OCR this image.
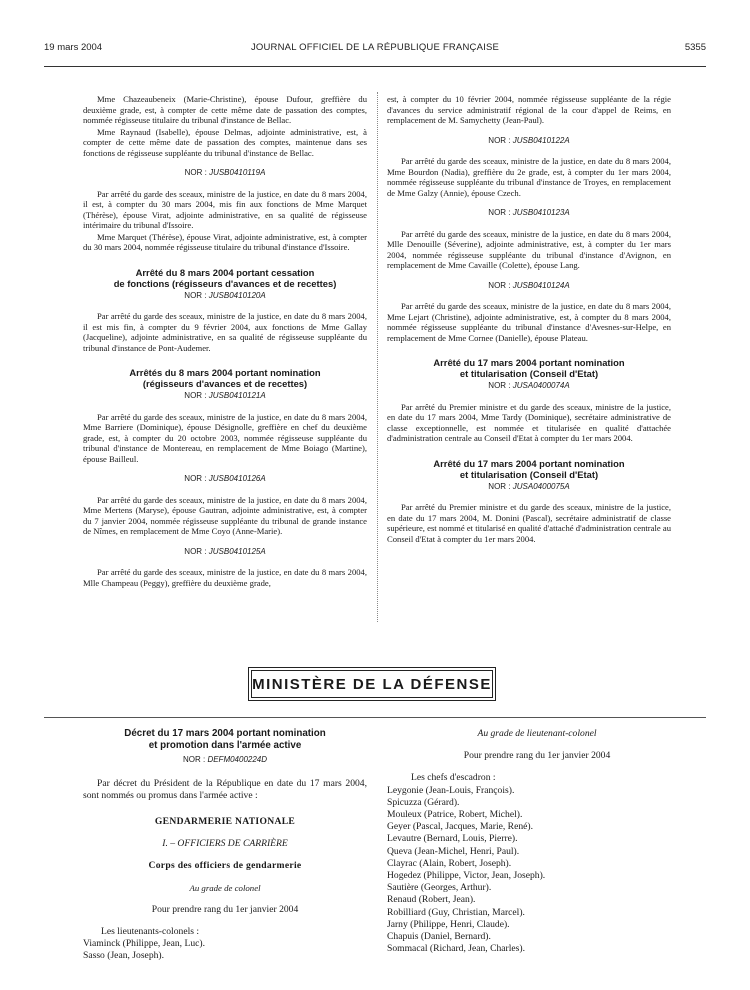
19 mars 2004	JOURNAL OFFICIEL DE LA RÉPUBLIQUE FRANÇAISE	5355

Mme Chazeaubeneix (Marie-Christine), épouse Dufour, greffière du deuxième grade, est, à compter de cette même date de passation des comptes, nommée régisseuse titulaire du tribunal d'instance de Bellac.

Mme Raynaud (Isabelle), épouse Delmas, adjointe administrative, est, à compter de cette même date de passation des comptes, maintenue dans ses fonctions de régisseuse suppléante du tribunal d'instance de Bellac.

NOR : JUSB0410119A

Par arrêté du garde des sceaux, ministre de la justice, en date du 8 mars 2004, il est, à compter du 30 mars 2004, mis fin aux fonctions de Mme Marquet (Thérèse), épouse Virat, adjointe administrative, en sa qualité de régisseuse intérimaire du tribunal d'Issoire.

Mme Marquet (Thérèse), épouse Virat, adjointe administrative, est, à compter du 30 mars 2004, nommée régisseuse titulaire du tribunal d'instance d'Issoire.

Arrêté du 8 mars 2004 portant cessation
de fonctions (régisseurs d'avances et de recettes)
NOR : JUSB0410120A

Par arrêté du garde des sceaux, ministre de la justice, en date du 8 mars 2004, il est mis fin, à compter du 9 février 2004, aux fonctions de Mme Gallay (Jacqueline), adjointe administrative, en sa qualité de régisseuse suppléante du tribunal d'instance de Pont-Audemer.

Arrêtés du 8 mars 2004 portant nomination
(régisseurs d'avances et de recettes)
NOR : JUSB0410121A

Par arrêté du garde des sceaux, ministre de la justice, en date du 8 mars 2004, Mme Barriere (Dominique), épouse Désignolle, greffière en chef du deuxième grade, est, à compter du 20 octobre 2003, nommée régisseuse suppléante du tribunal d'instance de Montereau, en remplacement de Mme Boiago (Martine), épouse Bailleul.

NOR : JUSB0410126A

Par arrêté du garde des sceaux, ministre de la justice, en date du 8 mars 2004, Mme Mertens (Maryse), épouse Gautran, adjointe administrative, est, à compter du 7 janvier 2004, nommée régisseuse suppléante du tribunal de grande instance de Nîmes, en remplacement de Mme Coyo (Anne-Marie).

NOR : JUSB0410125A

Par arrêté du garde des sceaux, ministre de la justice, en date du 8 mars 2004, Mlle Champeau (Peggy), greffière du deuxième grade,

est, à compter du 10 février 2004, nommée régisseuse suppléante de la régie d'avances du service administratif régional de la cour d'appel de Reims, en remplacement de M. Samychetty (Jean-Paul).

NOR : JUSB0410122A

Par arrêté du garde des sceaux, ministre de la justice, en date du 8 mars 2004, Mme Bourdon (Nadia), greffière du 2e grade, est, à compter du 1er mars 2004, nommée régisseuse suppléante du tribunal d'instance de Troyes, en remplacement de Mme Galzy (Annie), épouse Czech.

NOR : JUSB0410123A

Par arrêté du garde des sceaux, ministre de la justice, en date du 8 mars 2004, Mlle Denouille (Séverine), adjointe administrative, est, à compter du 1er mars 2004, nommée régisseuse suppléante du tribunal d'instance d'Avignon, en remplacement de Mme Cavaille (Colette), épouse Lang.

NOR : JUSB0410124A

Par arrêté du garde des sceaux, ministre de la justice, en date du 8 mars 2004, Mme Lejart (Christine), adjointe administrative, est, à compter du 8 mars 2004, nommée régisseuse suppléante du tribunal d'instance d'Avesnes-sur-Helpe, en remplacement de Mme Cornee (Danielle), épouse Plateau.

Arrêté du 17 mars 2004 portant nomination
et titularisation (Conseil d'Etat)
NOR : JUSA0400074A

Par arrêté du Premier ministre et du garde des sceaux, ministre de la justice, en date du 17 mars 2004, Mme Tardy (Dominique), secrétaire administrative de classe exceptionnelle, est nommée et titularisée en qualité d'attachée d'administration centrale au Conseil d'Etat à compter du 1er mars 2004.

Arrêté du 17 mars 2004 portant nomination
et titularisation (Conseil d'Etat)
NOR : JUSA0400075A

Par arrêté du Premier ministre et du garde des sceaux, ministre de la justice, en date du 17 mars 2004, M. Donini (Pascal), secrétaire administratif de classe supérieure, est nommé et titularisé en qualité d'attaché d'administration centrale au Conseil d'Etat à compter du 1er mars 2004.

MINISTÈRE DE LA DÉFENSE
Décret du 17 mars 2004 portant nomination
et promotion dans l'armée active
NOR : DEFM0400224D

Par décret du Président de la République en date du 17 mars 2004, sont nommés ou promus dans l'armée active :

GENDARMERIE NATIONALE
I. – OFFICIERS DE CARRIÈRE
Corps des officiers de gendarmerie
Au grade de colonel
Pour prendre rang du 1er janvier 2004
Les lieutenants-colonels :
Viaminck (Philippe, Jean, Luc).
Sasso (Jean, Joseph).
Au grade de lieutenant-colonel
Pour prendre rang du 1er janvier 2004
Les chefs d'escadron :
Leygonie (Jean-Louis, François).
Spicuzza (Gérard).
Mouleux (Patrice, Robert, Michel).
Geyer (Pascal, Jacques, Marie, René).
Levautre (Bernard, Louis, Pierre).
Queva (Jean-Michel, Henri, Paul).
Clayrac (Alain, Robert, Joseph).
Hogedez (Philippe, Victor, Jean, Joseph).
Sautière (Georges, Arthur).
Renaud (Robert, Jean).
Robilliard (Guy, Christian, Marcel).
Jarny (Philippe, Henri, Claude).
Chapuis (Daniel, Bernard).
Sommacal (Richard, Jean, Charles).
